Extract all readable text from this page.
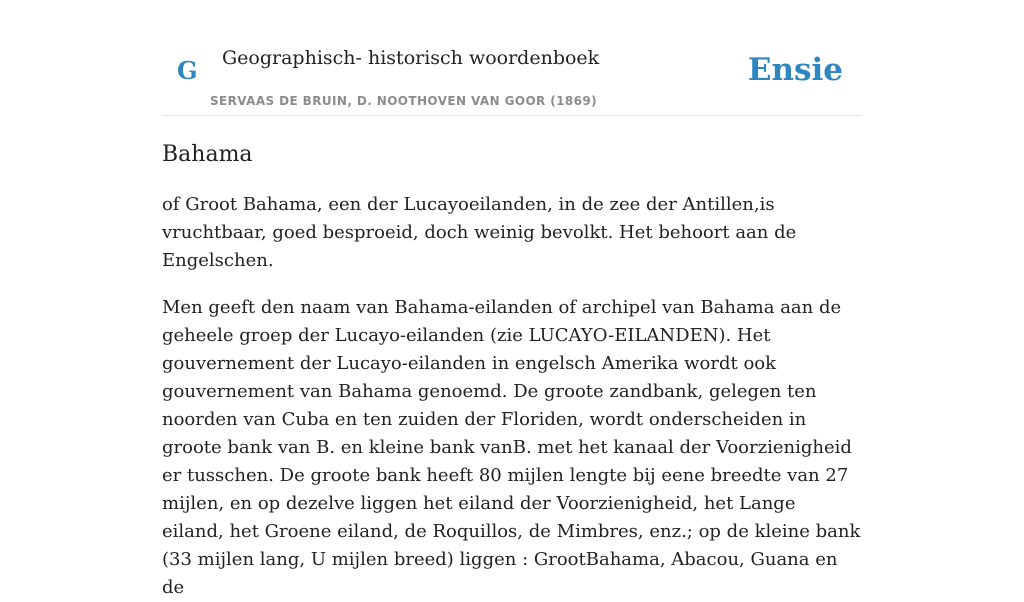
G Geographisch- historisch woordenboek
SERVAAS DE BRUIN, D. NOOTHOVEN VAN GOOR (1869)
Ensie
Bahama

of Groot Bahama, een der Lucayoeilanden, in de zee der Antillen,is vruchtbaar, goed besproeid, doch weinig bevolkt. Het behoort aan de Engelschen.

Men geeft den naam van Bahama-eilanden of archipel van Bahama aan de geheele groep der Lucayo-eilanden (zie LUCAYO-EILANDEN). Het gouvernement der Lucayo-eilanden in engelsch Amerika wordt ook gouvernement van Bahama genoemd. De groote zandbank, gelegen ten noorden van Cuba en ten zuiden der Floriden, wordt onderscheiden in groote bank van B. en kleine bank vanB. met het kanaal der Voorzienigheid er tusschen. De groote bank heeft 80 mijlen lengte bij eene breedte van 27 mijlen, en op dezelve liggen het eiland der Voorzienigheid, het Lange eiland, het Groene eiland, de Roquillos, de Mimbres, enz.; op de kleine bank (33 mijlen lang, U mijlen breed) liggen : GrootBahama, Abacou, Guana en de
